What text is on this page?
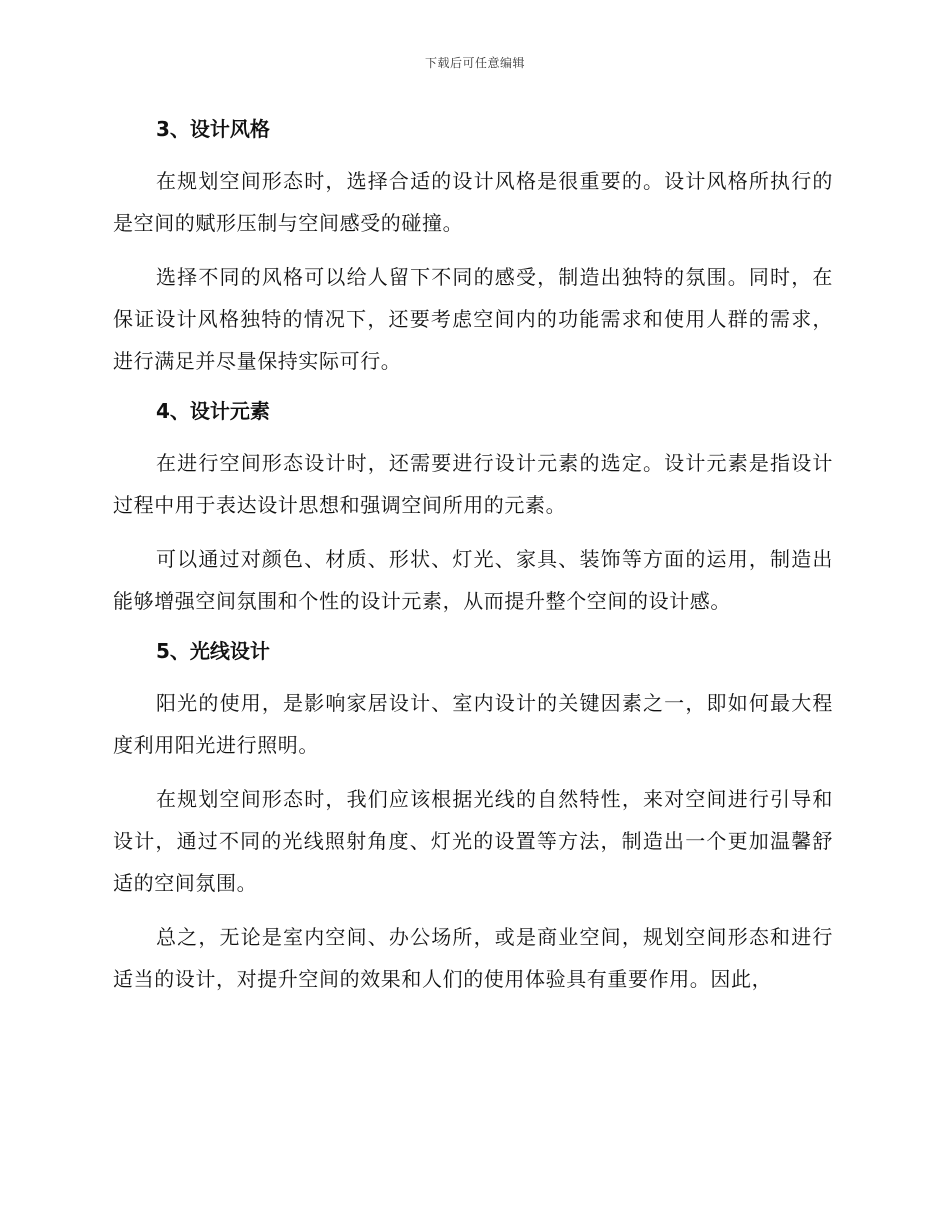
下载后可任意编辑
3、设计风格

在规划空间形态时，选择合适的设计风格是很重要的。设计风格所执行的是空间的赋形压制与空间感受的碰撞。

选择不同的风格可以给人留下不同的感受，制造出独特的氛围。同时，在保证设计风格独特的情况下，还要考虑空间内的功能需求和使用人群的需求，进行满足并尽量保持实际可行。

4、设计元素

在进行空间形态设计时，还需要进行设计元素的选定。设计元素是指设计过程中用于表达设计思想和强调空间所用的元素。

可以通过对颜色、材质、形状、灯光、家具、装饰等方面的运用，制造出能够增强空间氛围和个性的设计元素，从而提升整个空间的设计感。

5、光线设计

阳光的使用，是影响家居设计、室内设计的关键因素之一，即如何最大程度利用阳光进行照明。

在规划空间形态时，我们应该根据光线的自然特性，来对空间进行引导和设计，通过不同的光线照射角度、灯光的设置等方法，制造出一个更加温馨舒适的空间氛围。

总之，无论是室内空间、办公场所，或是商业空间，规划空间形态和进行适当的设计，对提升空间的效果和人们的使用体验具有重要作用。因此，
